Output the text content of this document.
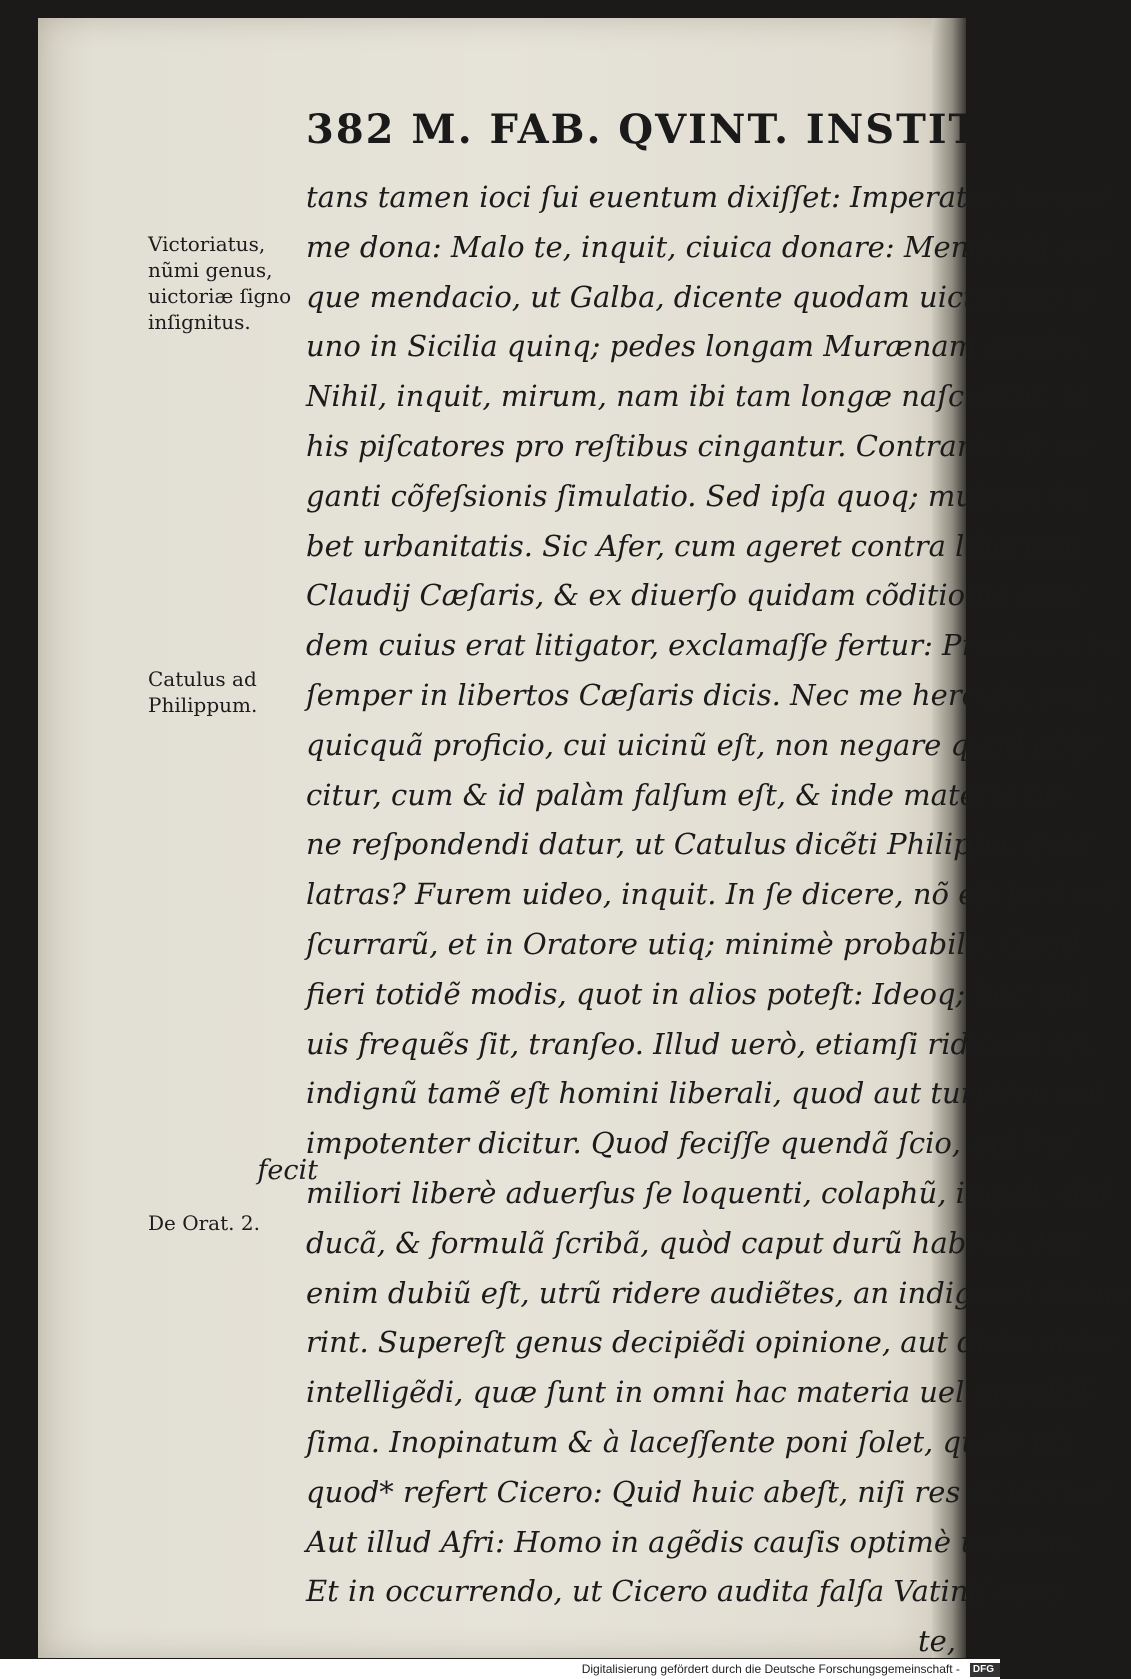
382 M. FAB. QVINT. INSTIT.
tans tamen ioci ſui euentum dixiſſet: Imperator, torquẽ
me dona: Malo te, inquit, ciuica donare: Mendaciũ quo
que mendacio, ut Galba, dicente quodam uictoriato ſe
uno in Sicilia quinq; pedes longam Murænam emiſſe:
Nihil, inquit, mirum, nam ibi tam longæ naſcuntur, ut
his piſcatores pro reſtibus cingantur. Contraria eſt ne
ganti cõfeſsionis ſimulatio. Sed ipſa quoq; multum ha
bet urbanitatis. Sic Afer, cum ageret contra libertum
Claudij Cæſaris, & ex diuerſo quidam cõditionis eiuſ/
dem cuius erat litigator, exclamaſſe fertur: Præterea tu
ſemper in libertos Cæſaris dicis. Nec me hercule, inqt,
quicquã proficio, cui uicinũ eſt, non negare quod obij/
citur, cum & id palàm falſum eſt, & inde materia be-
ne reſpondendi datur, ut Catulus dicẽti Philippo, quid
latras? Furem uideo, inquit. In ſe dicere, nõ eſt ferè niſi
ſcurrarũ, et in Oratore utiq; minimè probabile. Quod
fieri totidẽ modis, quot in alios poteſt: Ideoq; hoc quã
uis frequẽs ſit, tranſeo. Illud uerò, etiamſi ridiculũ eſt,
indignũ tamẽ eſt homini liberali, quod aut turpiter, aut
impotenter dicitur. Quod feciſſe quendã ſcio, qui hu/
miliori liberè aduerſus ſe loquenti, colaphũ, inquit, tibi
ducã, & formulã ſcribã, quòd caput durũ habeas. Hic
enim dubiũ eſt, utrũ ridere audiẽtes, an indignari debue
rint. Supereſt genus decipiẽdi opinione, aut dicta aliter
intelligẽdi, quæ ſunt in omni hac materia uel uenuſtiſ-
ſima. Inopinatum & à laceſſente poni ſolet, quale eſt
quod* refert Cicero: Quid huic abeſt, niſi res et uirtus?
Aut illud Afri: Homo in agẽdis cauſis optimè ueſtitus.
Et in occurrendo, ut Cicero audita falſa Vatinij mor/
te,
Victoriatus,
nũmi genus,
uictoriæ ſigno
inſignitus.
Catulus ad
Philippum.
fecit
De Orat. 2.
Digitalisierung gefördert durch die Deutsche Forschungsgemeinschaft - DFG
